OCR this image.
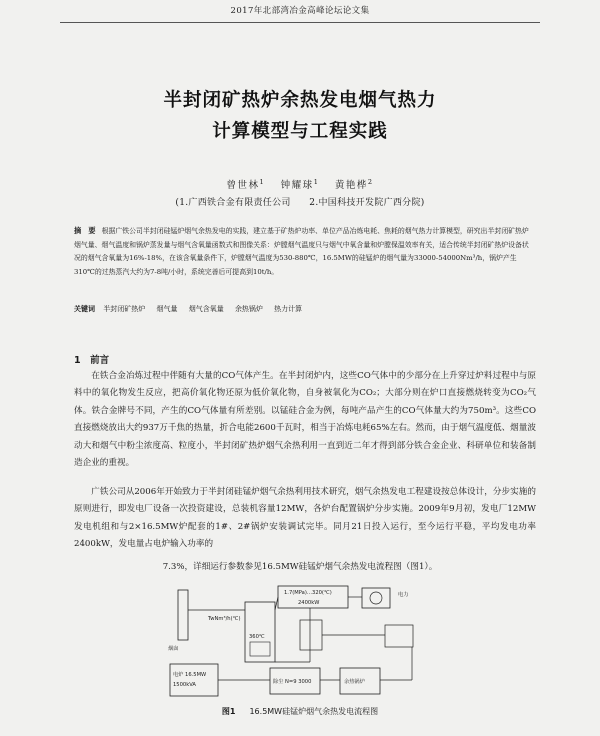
2017年北部湾冶金高峰论坛论文集
半封闭矿热炉余热发电烟气热力
计算模型与工程实践
曾世林$^1$  钟耀球$^1$  黄艳桦$^2$
(1.广西铁合金有限责任公司　　2.中国科技开发院广西分院)
摘　要 根据广铁公司半封闭硅锰炉烟气余热发电的实践，建立基于矿热炉功率、单位产品冶炼电耗、焦耗的烟气热力计算模型，研究出半封闭矿热炉烟气量、烟气温度和锅炉蒸发量与烟气含氧量函数式和图像关系：炉膛烟气温度只与烟气中氧含量和炉膛保温效率有关，适合传统半封闭矿热炉设备状况的烟气含氧量为16%-18%，在该含氧量条件下，炉膛烟气温度为530-880℃，16.5MW的硅锰炉的烟气量为33000-54000Nm³/h，锅炉产生310℃的过热蒸汽大约为7-8吨/小时，系统完善后可提高到10t/h。
关键词 半封闭矿热炉 烟气量 烟气含氧量 余热锅炉 热力计算
1　前言
在铁合金冶炼过程中伴随有大量的CO气体产生。在半封闭炉内，这些CO气体中的少部分在上升穿过炉料过程中与原料中的氧化物发生反应，把高价氧化物还原为低价氧化物，自身被氧化为CO₂；大部分则在炉口直接燃烧转变为CO₂气体。铁合金牌号不同，产生的CO气体量有所差别。以锰硅合金为例，每吨产品产生的CO气体量大约为750m³。这些CO直接燃烧放出大约937万千焦的热量，折合电能2600千瓦时，相当于冶炼电耗65%左右。然而，由于烟气温度低、烟量波动大和烟气中粉尘浓度高、粒度小，半封闭矿热炉烟气余热利用一直到近二年才得到部分铁合金企业、科研单位和装备制造企业的重视。
广铁公司从2006年开始致力于半封闭硅锰炉烟气余热利用技术研究，烟气余热发电工程建设按总体设计，分步实施的原则进行，即发电厂设备一次投资建设，总装机容量12MW，各炉台配置锅炉分步实施。2009年9月初，发电厂12MW发电机组和与2×16.5MW炉配套的1#、2#锅炉安装调试完毕。同月21日投入运行，至今运行平稳，平均发电功率2400kW，发电量占电炉输入功率的
7.3%，详细运行参数参见16.5MW硅锰炉烟气余热发电流程图（图1）。
1.7(MPa)…320(℃)
2400kW
电力
TwNm³/h(℃)
360℃
烟囱
除尘 N=9 3000
电炉 16.5MW
1500kVA	余热锅炉
图1 16.5MW硅锰炉烟气余热发电流程图
